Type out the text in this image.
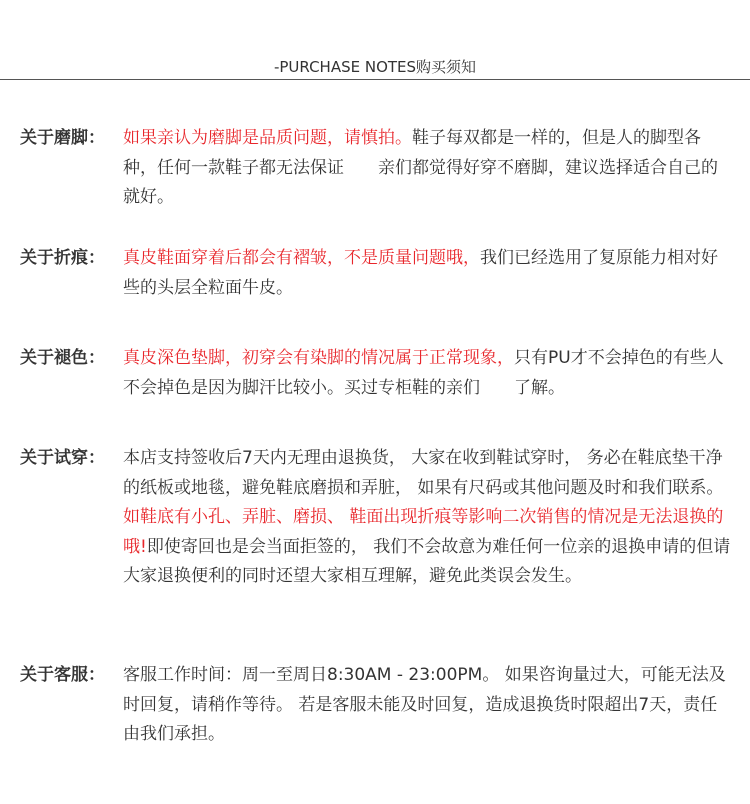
-PURCHASE NOTES购买须知
关于磨脚：	如果亲认为磨脚是品质问题，请慎拍。鞋子每双都是一样的，但是人的脚型各种，任何一款鞋子都无法保证　　亲们都觉得好穿不磨脚，建议选择适合自己的就好。
关于折痕：	真皮鞋面穿着后都会有褶皱，不是质量问题哦，我们已经选用了复原能力相对好些的头层全粒面牛皮。
关于褪色：	真皮深色垫脚，初穿会有染脚的情况属于正常现象，只有PU才不会掉色的有些人不会掉色是因为脚汗比较小。买过专柜鞋的亲们　　了解。
关于试穿：	本店支持签收后7天内无理由退换货， 大家在收到鞋试穿时， 务必在鞋底垫干净的纸板或地毯，避免鞋底磨损和弄脏， 如果有尺码或其他问题及时和我们联系。如鞋底有小孔、弄脏、磨损、 鞋面出现折痕等影响二次销售的情况是无法退换的哦!即使寄回也是会当面拒签的， 我们不会故意为难任何一位亲的退换申请的但请大家退换便利的同时还望大家相互理解，避免此类误会发生。
关于客服：	客服工作时间：周一至周日8:30AM - 23:00PM。 如果咨询量过大，可能无法及时回复，请稍作等待。 若是客服未能及时回复，造成退换货时限超出7天，责任由我们承担。
